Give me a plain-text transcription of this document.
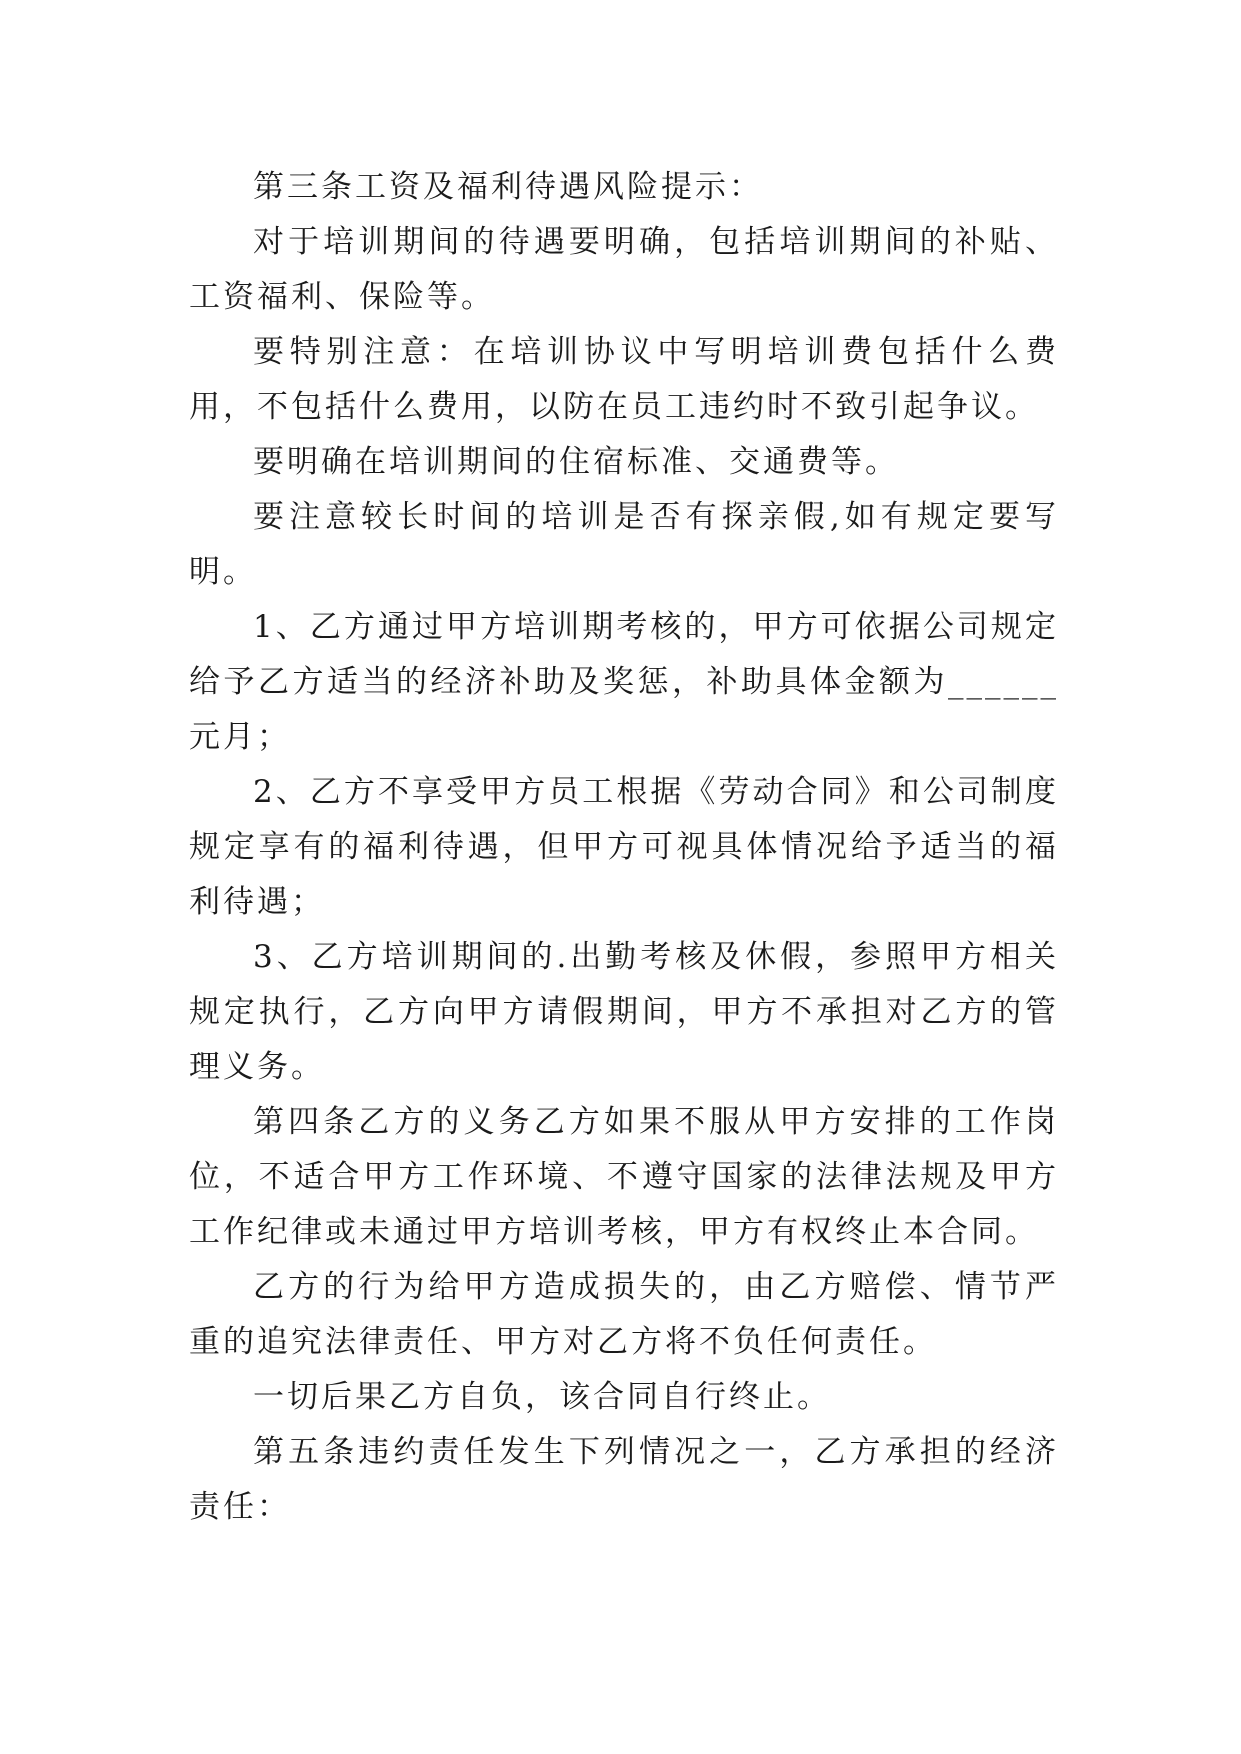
第三条工资及福利待遇风险提示：

对于培训期间的待遇要明确，包括培训期间的补贴、工资福利、保险等。

要特别注意：在培训协议中写明培训费包括什么费用，不包括什么费用，以防在员工违约时不致引起争议。

要明确在培训期间的住宿标准、交通费等。

要注意较长时间的培训是否有探亲假,如有规定要写明。

1、乙方通过甲方培训期考核的，甲方可依据公司规定给予乙方适当的经济补助及奖惩，补助具体金额为______元月；

2、乙方不享受甲方员工根据《劳动合同》和公司制度规定享有的福利待遇，但甲方可视具体情况给予适当的福利待遇；

3、乙方培训期间的.出勤考核及休假，参照甲方相关规定执行，乙方向甲方请假期间，甲方不承担对乙方的管理义务。

第四条乙方的义务乙方如果不服从甲方安排的工作岗位，不适合甲方工作环境、不遵守国家的法律法规及甲方工作纪律或未通过甲方培训考核，甲方有权终止本合同。

乙方的行为给甲方造成损失的，由乙方赔偿、情节严重的追究法律责任、甲方对乙方将不负任何责任。

一切后果乙方自负，该合同自行终止。

第五条违约责任发生下列情况之一，乙方承担的经济责任：
